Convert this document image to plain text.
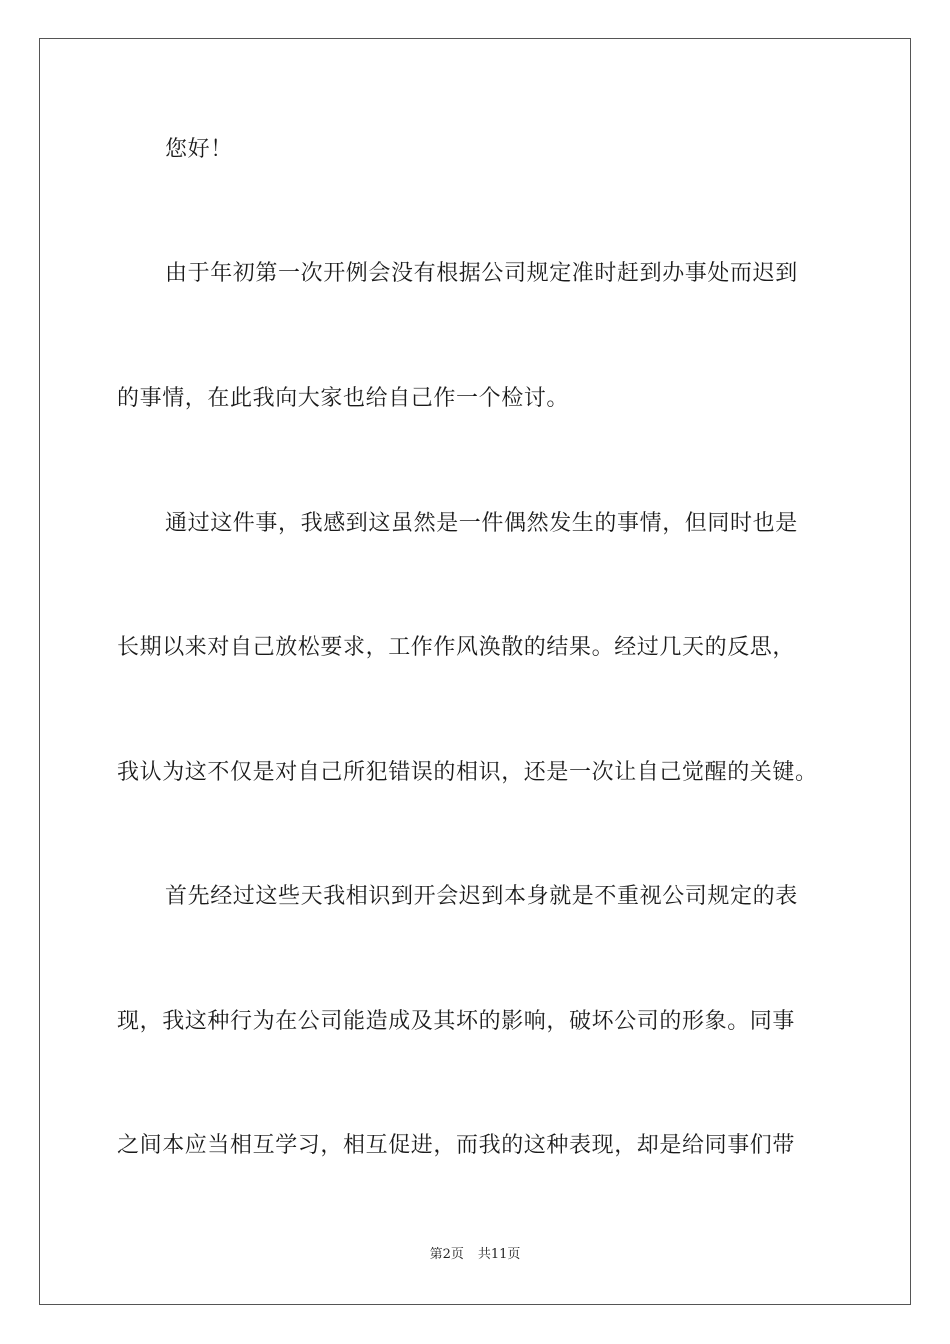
您好！
由于年初第一次开例会没有根据公司规定准时赶到办事处而迟到
的事情，在此我向大家也给自己作一个检讨。
通过这件事，我感到这虽然是一件偶然发生的事情，但同时也是
长期以来对自己放松要求，工作作风涣散的结果。经过几天的反思，
我认为这不仅是对自己所犯错误的相识，还是一次让自己觉醒的关键。
首先经过这些天我相识到开会迟到本身就是不重视公司规定的表
现，我这种行为在公司能造成及其坏的影响，破坏公司的形象。同事
之间本应当相互学习，相互促进，而我的这种表现，却是给同事们带
第2页 共11页
